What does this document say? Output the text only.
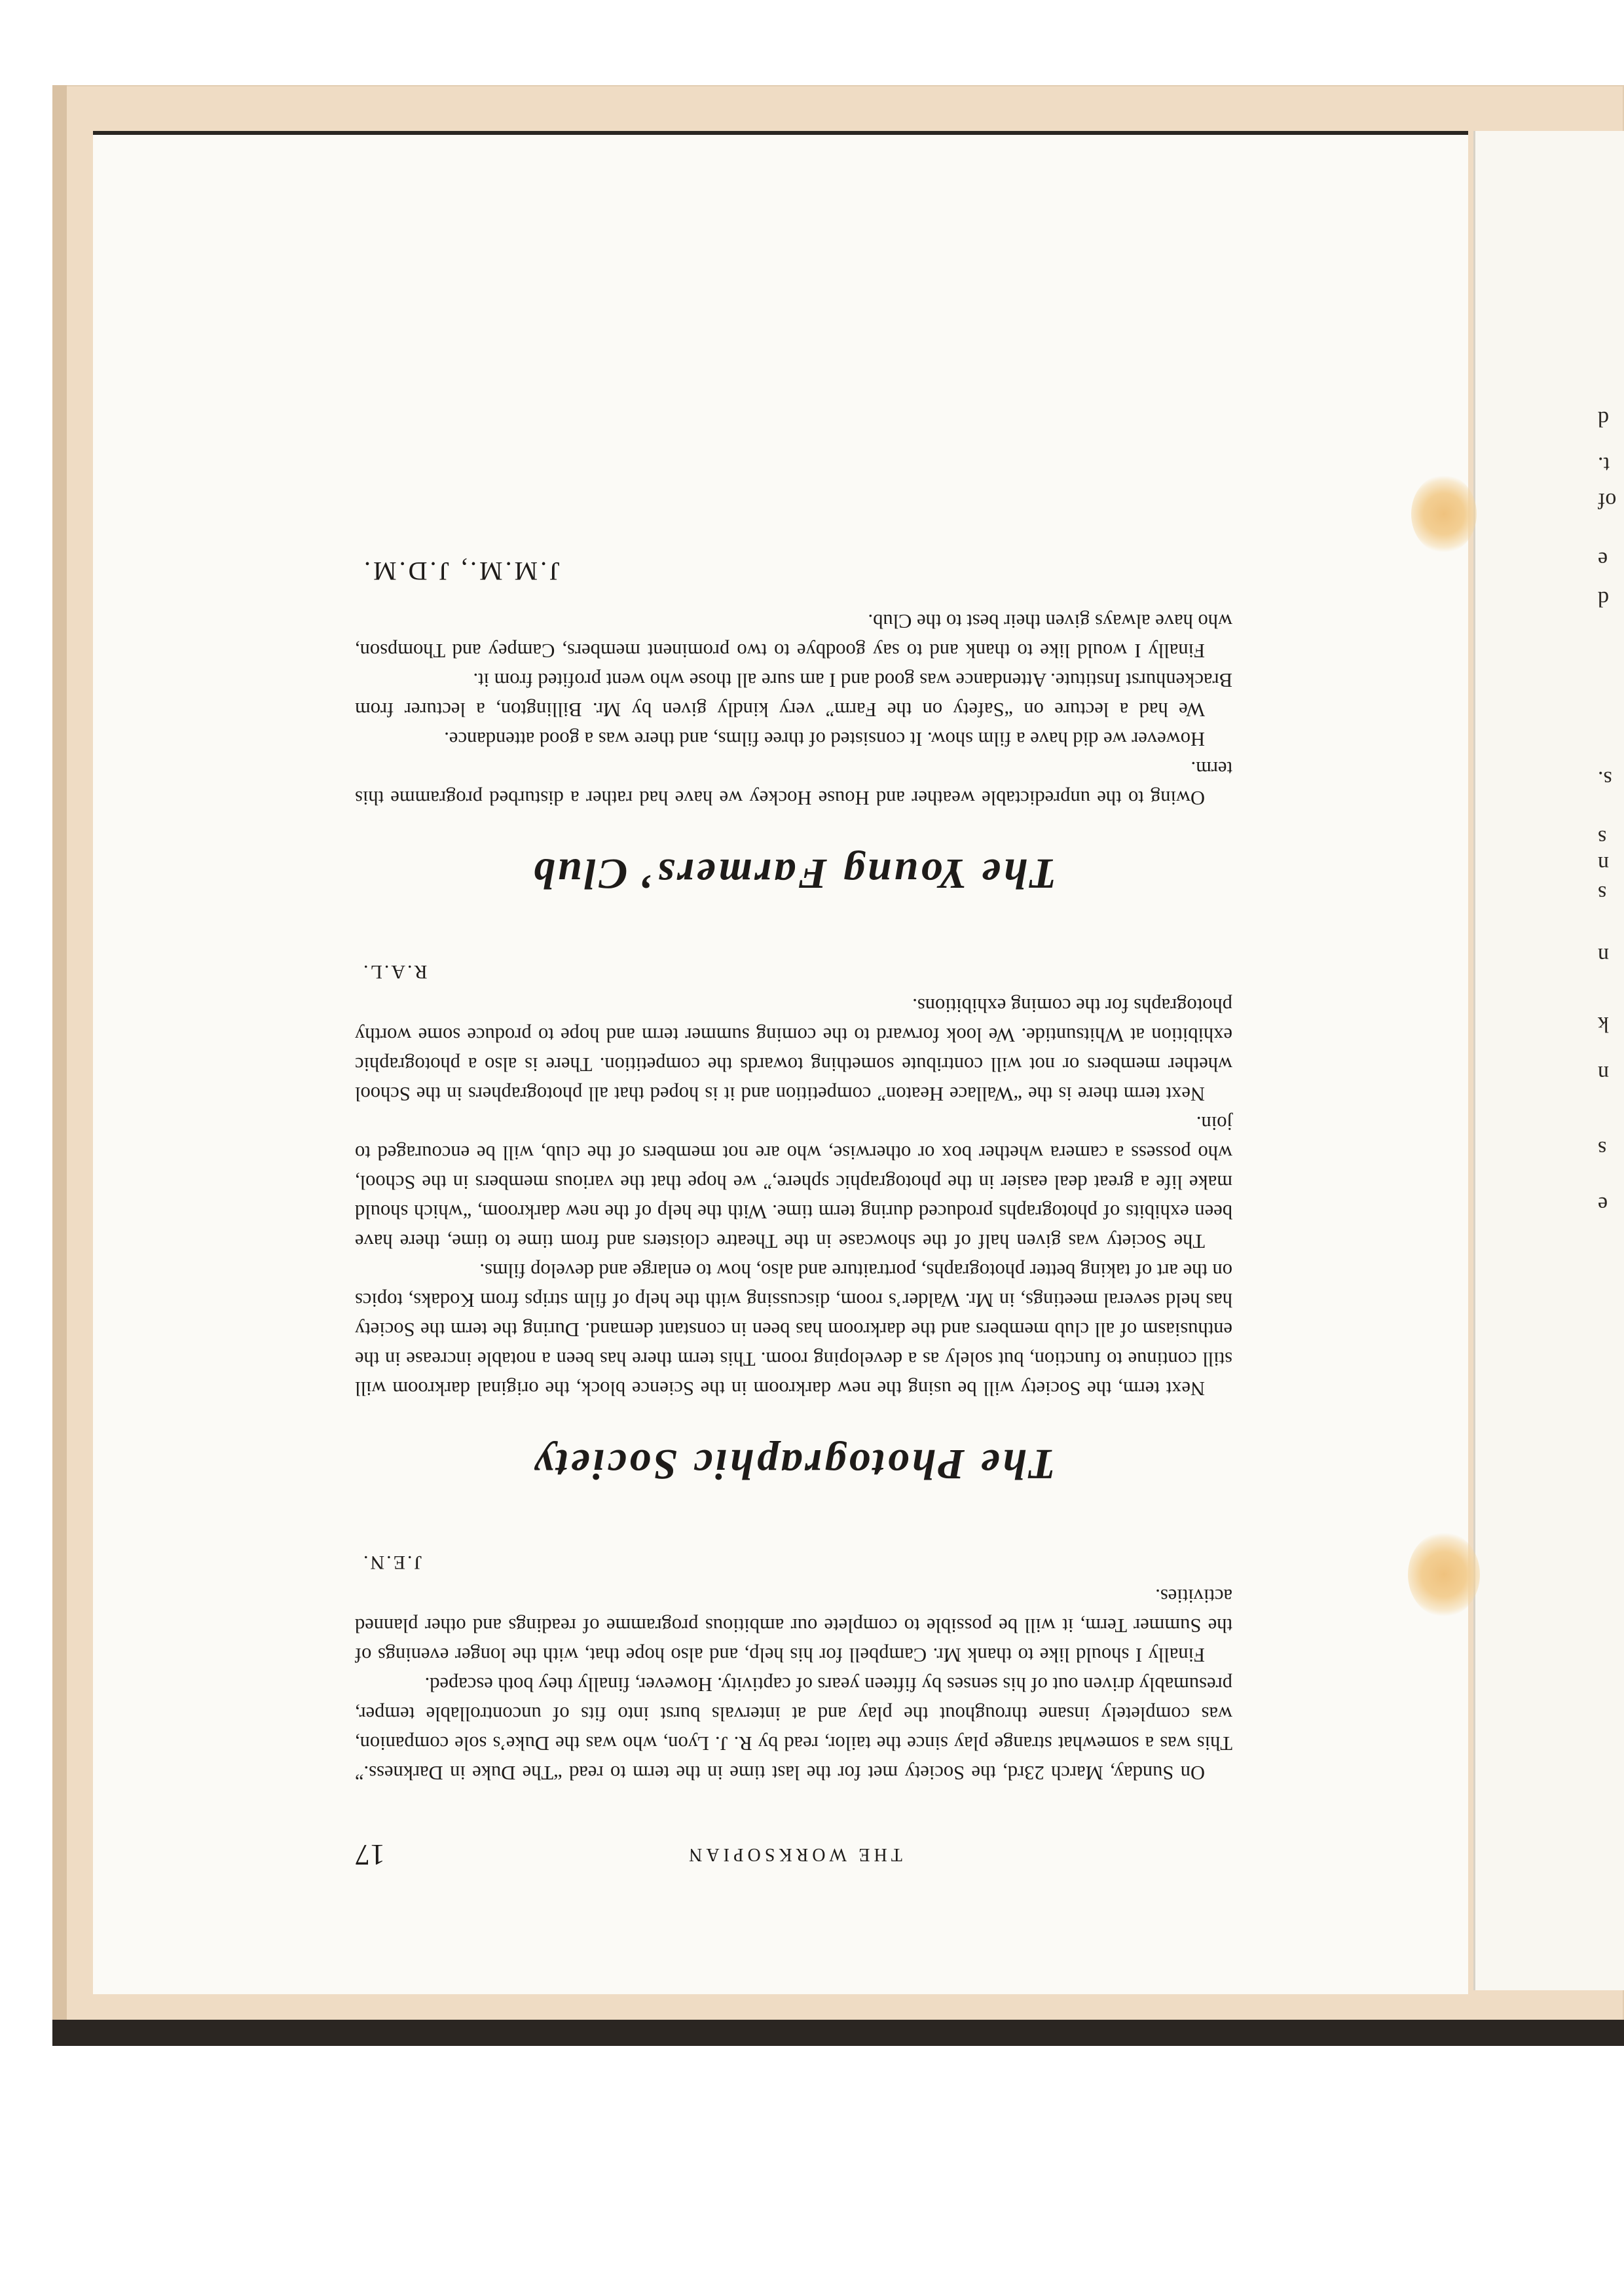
d
t.
of
e
d
s.
s
n
s
n
k
n
s
e
THE WORKSOPIAN
17

On Sunday, March 23rd, the Society met for the last time in the term to read “The Duke in Darkness.” This was a somewhat strange play since the tailor, read by R. J. Lyon, who was the Duke’s sole companion, was completely insane throughout the play and at intervals burst into fits of uncontrollable temper, presumably driven out of his senses by fifteen years of captivity. However, finally they both escaped.

Finally I should like to thank Mr. Campbell for his help, and also hope that, with the longer evenings of the Summer Term, it will be possible to complete our ambitious programme of readings and other planned activities.

J.E.N.
The Photographic Society

Next term, the Society will be using the new darkroom in the Science block, the original darkroom will still continue to function, but solely as a developing room. This term there has been a notable increase in the enthusiasm of all club members and the darkroom has been in constant demand. During the term the Society has held several meetings, in Mr. Walder’s room, discussing with the help of film strips from Kodaks, topics on the art of taking better photographs, portraiture and also, how to enlarge and develop films.

The Society was given half of the showcase in the Theatre cloisters and from time to time, there have been exhibits of photographs produced during term time. With the help of the new darkroom, “which should make life a great deal easier in the photographic sphere,” we hope that the various members in the School, who possess a camera whether box or otherwise, who are not members of the club, will be encouraged to join.

Next term there is the “Wallace Heaton” competition and it is hoped that all photographers in the School whether members or not will contribute something towards the competition. There is also a photographic exhibition at Whitsuntide. We look forward to the coming summer term and hope to produce some worthy photographs for the coming exhibitions.

R.A.L.
The Young Farmers’ Club

Owing to the unpredictable weather and House Hockey we have had rather a disturbed programme this term.

However we did have a film show. It consisted of three films, and there was a good attendance.

We had a lecture on “Safety on the Farm” very kindly given by Mr. Billington, a lecturer from Brackenhurst Institute. Attendance was good and I am sure all those who went profited from it.

Finally I would like to thank and to say goodbye to two prominent members, Campey and Thompson, who have always given their best to the Club.

J.M.M., J.D.M.
